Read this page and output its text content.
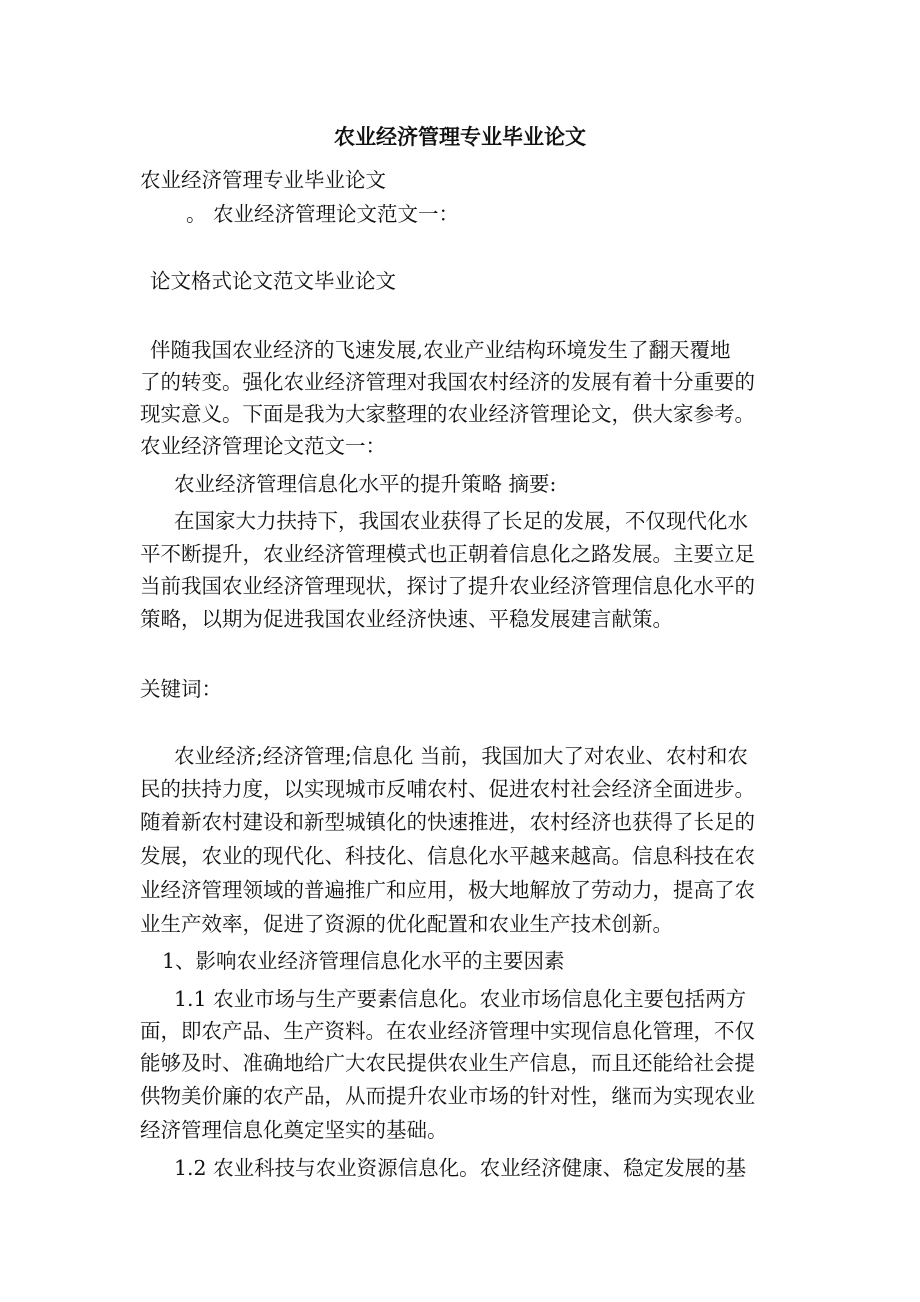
农业经济管理专业毕业论文
农业经济管理专业毕业论文
。 农业经济管理论文范文一：
论文格式论文范文毕业论文
伴随我国农业经济的飞速发展,农业产业结构环境发生了翻天覆地
了的转变。强化农业经济管理对我国农村经济的发展有着十分重要的
现实意义。下面是我为大家整理的农业经济管理论文，供大家参考。
农业经济管理论文范文一：
农业经济管理信息化水平的提升策略 摘要:
在国家大力扶持下，我国农业获得了长足的发展，不仅现代化水
平不断提升，农业经济管理模式也正朝着信息化之路发展。主要立足
当前我国农业经济管理现状，探讨了提升农业经济管理信息化水平的
策略，以期为促进我国农业经济快速、平稳发展建言献策。
关键词：
农业经济;经济管理;信息化 当前，我国加大了对农业、农村和农
民的扶持力度，以实现城市反哺农村、促进农村社会经济全面进步。
随着新农村建设和新型城镇化的快速推进，农村经济也获得了长足的
发展，农业的现代化、科技化、信息化水平越来越高。信息科技在农
业经济管理领域的普遍推广和应用，极大地解放了劳动力，提高了农
业生产效率，促进了资源的优化配置和农业生产技术创新。
1、影响农业经济管理信息化水平的主要因素
1.1 农业市场与生产要素信息化。农业市场信息化主要包括两方
面，即农产品、生产资料。在农业经济管理中实现信息化管理，不仅
能够及时、准确地给广大农民提供农业生产信息，而且还能给社会提
供物美价廉的农产品，从而提升农业市场的针对性，继而为实现农业
经济管理信息化奠定坚实的基础。
1.2 农业科技与农业资源信息化。农业经济健康、稳定发展的基
